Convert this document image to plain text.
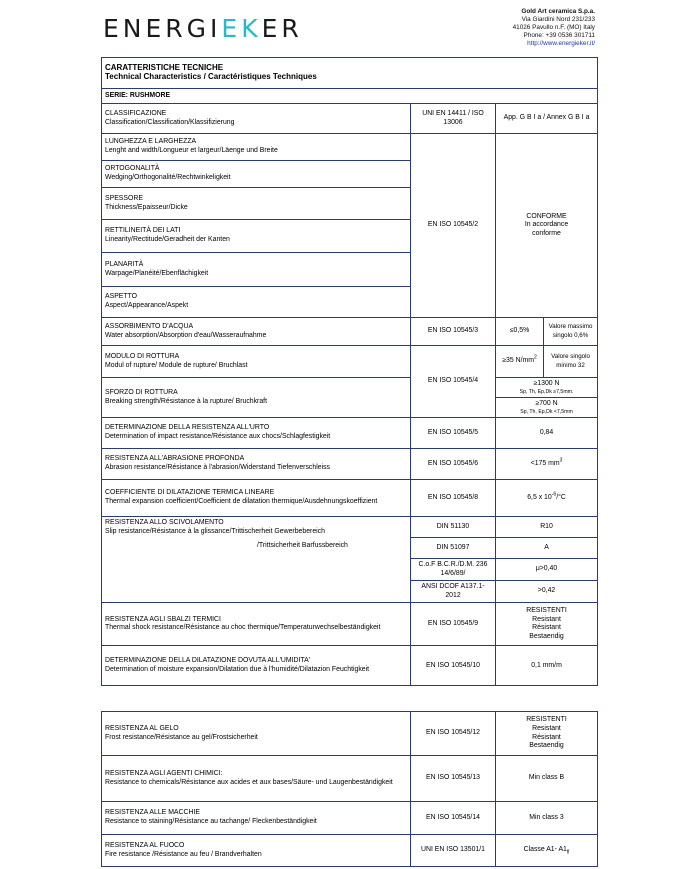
ENERGIEKER
Gold Art ceramica S.p.a.
Via Giardini Nord 231/233
41026 Pavullo n.F. (MO) Italy
Phone: +39 0536 301711
http://www.energieker.it/
CARATTERISTICHE TECNICHE
Technical Characteristics / Caractéristiques Techniques			

SERIE: RUSHMORE			

CLASSIFICAZIONE
Classification/Classification/Klassifizierung	UNI EN 14411 / ISO 13006	App. G B I a / Annex G B I a	

LUNGHEZZA E LARGHEZZA
Lenght and width/Longueur et largeur/Läenge und Breite	EN ISO 10545/2	CONFORME
In accordance
conforme	

ORTOGONALITÀ
Wedging/Orthogonalité/Rechtwinkeligkeit			

SPESSORE
Thickness/Epaisseur/Dicke			

RETTILINEITÀ DEI LATI
Linearity/Rectitude/Geradheit der Kanten			

PLANARITÀ
Warpage/Planéité/Ebenflächigkeit			

ASPETTO
Aspect/Appearance/Aspekt			

ASSORBIMENTO D'ACQUA
Water absorption/Absorption d'eau/Wasseraufnahme	EN ISO 10545/3	≤0,5%	Valore massimo singolo 0,6%

MODULO DI ROTTURA
Modul of rupture/ Module de rupture/ Bruchlast	EN ISO 10545/4	≥35 $N/mm^2$	Valore singolo minimo 32

SFORZO DI ROTTURA
Breaking strength/Résistance à la rupture/ Bruchkraft		≥1300 N
Sp, Th, Ep,Dk ≥7,5mm.	

		≥700 N
Sp, Th, Ep,Dk <7,5mm	

DETERMINAZIONE DELLA RESISTENZA ALL'URTO
Determination of impact resistance/Résistance aux chocs/Schlagfestigkeit	EN ISO 10545/5	0,84	

RESISTENZA ALL'ABRASIONE PROFONDA
Abrasion resistance/Résistance à l'abrasion/Widerstand Tiefenverschleiss	EN ISO 10545/6	<175 $mm^3$

COEFFICIENTE DI DILATAZIONE TERMICA LINEARE
Thermal expansion coefficient/Coefficient de dilatation thermique/Ausdehnungskoeffizient	EN ISO 10545/8	6,5 x $10^{-6}/^\circ C$	

RESISTENZA ALLO SCIVOLAMENTO
Slip resistance/Résistance à la glissance/Trittischerheit Gewerbebereich
/Trittsicherheit Barfussbereich	DIN 51130	R10	
	DIN 51097	A	
	C.o.F B.C.R./D.M. 236 14/6/89/	μ>0,40	
	ANSI DCOF A137.1-2012	>0,42	

RESISTENZA AGLI SBALZI TERMICI
Thermal shock resistance/Résistance au choc thermique/Temperaturwechselbeständigkeit	EN ISO 10545/9	RESISTENTI
Resistant
Résistant
Bestaendig	

DETERMINAZIONE DELLA DILATAZIONE DOVUTA ALL'UMIDITA'
Determination of moisture expansion/Dilatation due à l'humidité/Dilatazion Feuchtigkeit	EN ISO 10545/10	0,1 mm/m	
RESISTENZA AL GELO
Frost resistance/Résistance au gel/Frostsicherheit	EN ISO 10545/12	RESISTENTI
Resistant
Résistant
Bestaendig

RESISTENZA AGLI AGENTI CHIMICI:
Resistance to chemicals/Résistance aux acides et aux bases/Säure- und Laugenbeständigkeit	EN ISO 10545/13	Min class B

RESISTENZA ALLE MACCHIE
Resistance to staining/Résistance au tachange/ Fleckenbeständigkeit	EN ISO 10545/14	Min class 3

RESISTENZA AL FUOCO
Fire resistance /Résistance au feu / Brandverhalten	UNI EN ISO 13501/1	Classe A1- $A1_{fl}$
